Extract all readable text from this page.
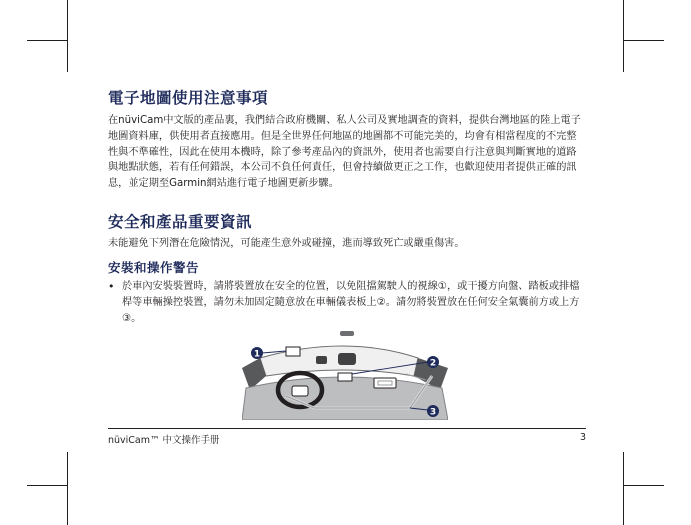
電子地圖使用注意事項

在nüviCam中文版的產品裏，我們結合政府機關、私人公司及實地調查的資料，提供台灣地區的陸上電子地圖資料庫，供使用者直接應用。但是全世界任何地區的地圖都不可能完美的，均會有相當程度的不完整性與不準確性，因此在使用本機時，除了參考產品內的資訊外，使用者也需要自行注意與判斷實地的道路與地點狀態，若有任何錯誤，本公司不負任何責任，但會持續做更正之工作，也歡迎使用者提供正確的訊息，並定期至Garmin網站進行電子地圖更新步驟。

安全和產品重要資訊

未能避免下列潛在危險情況，可能產生意外或碰撞，進而導致死亡或嚴重傷害。

安裝和操作警告
• 於車內安裝裝置時，請將裝置放在安全的位置，以免阻擋駕駛人的視線①，或干擾方向盤、踏板或排檔桿等車輛操控裝置，請勿未加固定隨意放在車輛儀表板上②。請勿將裝置放在任何安全氣囊前方或上方③。

1
2
3
nüviCam™ 中文操作手册	3
